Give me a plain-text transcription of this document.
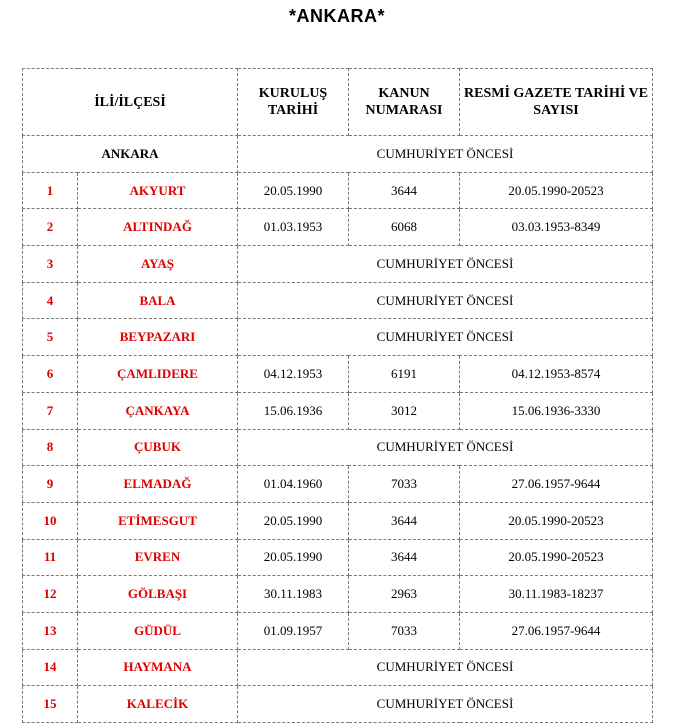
*ANKARA*
İLİ/İLÇESİ		KURULUŞ TARİHİ	KANUN NUMARASI	RESMİ GAZETE TARİHİ VE SAYISI
ANKARA		CUMHURİYET ÖNCESİ		
1	AKYURT	20.05.1990	3644	20.05.1990-20523
2	ALTINDAĞ	01.03.1953	6068	03.03.1953-8349
3	AYAŞ	CUMHURİYET ÖNCESİ		
4	BALA	CUMHURİYET ÖNCESİ		
5	BEYPAZARI	CUMHURİYET ÖNCESİ		
6	ÇAMLIDERE	04.12.1953	6191	04.12.1953-8574
7	ÇANKAYA	15.06.1936	3012	15.06.1936-3330
8	ÇUBUK	CUMHURİYET ÖNCESİ		
9	ELMADAĞ	01.04.1960	7033	27.06.1957-9644
10	ETİMESGUT	20.05.1990	3644	20.05.1990-20523
11	EVREN	20.05.1990	3644	20.05.1990-20523
12	GÖLBAŞI	30.11.1983	2963	30.11.1983-18237
13	GÜDÜL	01.09.1957	7033	27.06.1957-9644
14	HAYMANA	CUMHURİYET ÖNCESİ		
15	KALECİK	CUMHURİYET ÖNCESİ		
